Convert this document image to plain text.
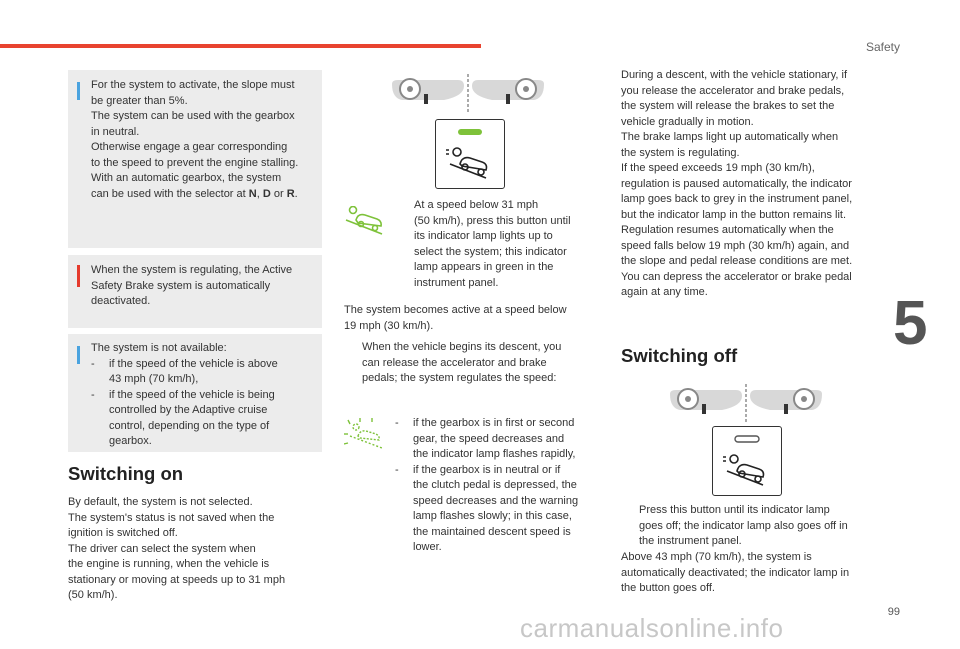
Safety
5
99
carmanualsonline.info
For the system to activate, the slope must
be greater than 5%.
The system can be used with the gearbox
in neutral.
Otherwise engage a gear corresponding
to the speed to prevent the engine stalling.
With an automatic gearbox, the system
can be used with the selector at N, D or R.
When the system is regulating, the Active
Safety Brake system is automatically
deactivated.
The system is not available:
- if the speed of the vehicle is above
43 mph (70 km/h),
- if the speed of the vehicle is being
controlled by the Adaptive cruise
control, depending on the type of
gearbox.
Switching on
By default, the system is not selected.
The system's status is not saved when the
ignition is switched off.
The driver can select the system when
the engine is running, when the vehicle is
stationary or moving at speeds up to 31 mph
(50 km/h).
At a speed below 31 mph
(50 km/h), press this button until
its indicator lamp lights up to
select the system; this indicator
lamp appears in green in the
instrument panel.
The system becomes active at a speed below
19 mph (30 km/h).
When the vehicle begins its descent, you
can release the accelerator and brake
pedals; the system regulates the speed:
- if the gearbox is in first or second
gear, the speed decreases and
the indicator lamp flashes rapidly,
- if the gearbox is in neutral or if
the clutch pedal is depressed, the
speed decreases and the warning
lamp flashes slowly; in this case,
the maintained descent speed is
lower.
During a descent, with the vehicle stationary, if
you release the accelerator and brake pedals,
the system will release the brakes to set the
vehicle gradually in motion.
The brake lamps light up automatically when
the system is regulating.
If the speed exceeds 19 mph (30 km/h),
regulation is paused automatically, the indicator
lamp goes back to grey in the instrument panel,
but the indicator lamp in the button remains lit.
Regulation resumes automatically when the
speed falls below 19 mph (30 km/h) again, and
the slope and pedal release conditions are met.
You can depress the accelerator or brake pedal
again at any time.
Switching off
Press this button until its indicator lamp
goes off; the indicator lamp also goes off in
the instrument panel.
Above 43 mph (70 km/h), the system is
automatically deactivated; the indicator lamp in
the button goes off.
